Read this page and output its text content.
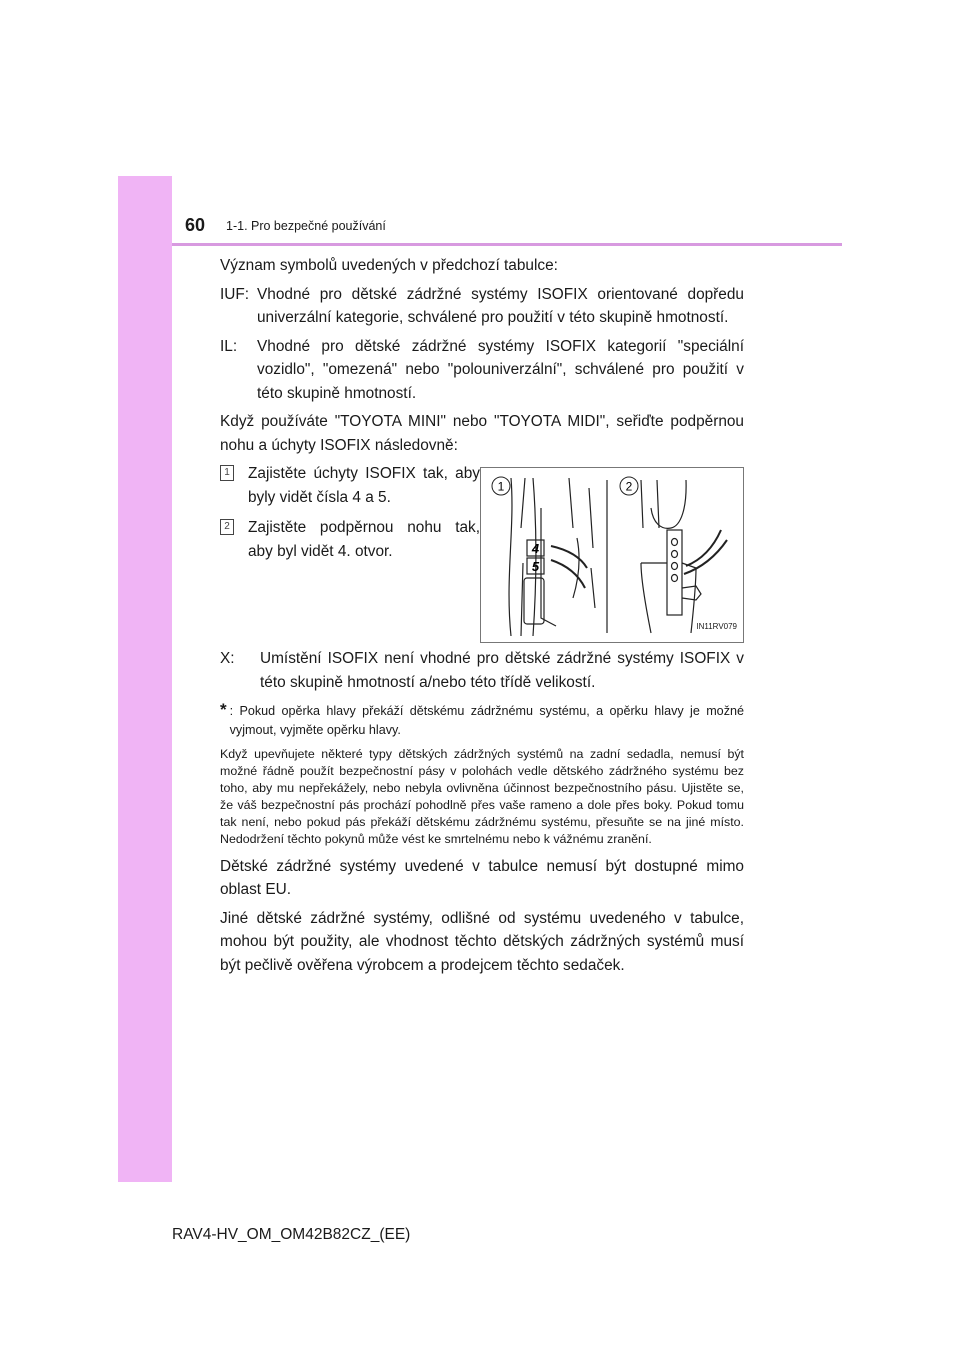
60 1-1. Pro bezpečné používání

Význam symbolů uvedených v předchozí tabulce:

IUF: Vhodné pro dětské zádržné systémy ISOFIX orientované dopředu univerzální kategorie, schválené pro použití v této skupině hmotností.
IL:	Vhodné pro dětské zádržné systémy ISOFIX kategorií "speciální vozidlo", "omezená" nebo "polouniverzální", schválené pro použití v této skupině hmotností.

Když používáte "TOYOTA MINI" nebo "TOYOTA MIDI", seřiďte podpěrnou nohu a úchyty ISOFIX následovně:

1 Zajistěte úchyty ISOFIX tak, aby byly vidět čísla 4 a 5.
2 Zajistěte podpěrnou nohu tak, aby byl vidět 4. otvor.
1	2
4
5
IN11RV079
X:	Umístění ISOFIX není vhodné pro dětské zádržné systémy ISOFIX v této skupině hmotností a/nebo této třídě velikostí.
* : Pokud opěrka hlavy překáží dětskému zádržnému systému, a opěrku hlavy je možné vyjmout, vyjměte opěrku hlavy.

Když upevňujete některé typy dětských zádržných systémů na zadní sedadla, nemusí být možné řádně použít bezpečnostní pásy v polohách vedle dětského zádržného systému bez toho, aby mu nepřekážely, nebo nebyla ovlivněna účinnost bezpečnostního pásu. Ujistěte se, že váš bezpečnostní pás prochází pohodlně přes vaše rameno a dole přes boky. Pokud tomu tak není, nebo pokud pás překáží dětskému zádržnému systému, přesuňte se na jiné místo. Nedodržení těchto pokynů může vést ke smrtelnému nebo k vážnému zranění.

Dětské zádržné systémy uvedené v tabulce nemusí být dostupné mimo oblast EU.

Jiné dětské zádržné systémy, odlišné od systému uvedeného v tabulce, mohou být použity, ale vhodnost těchto dětských zádržných systémů musí být pečlivě ověřena výrobcem a prodejcem těchto sedaček.

RAV4-HV_OM_OM42B82CZ_(EE)
